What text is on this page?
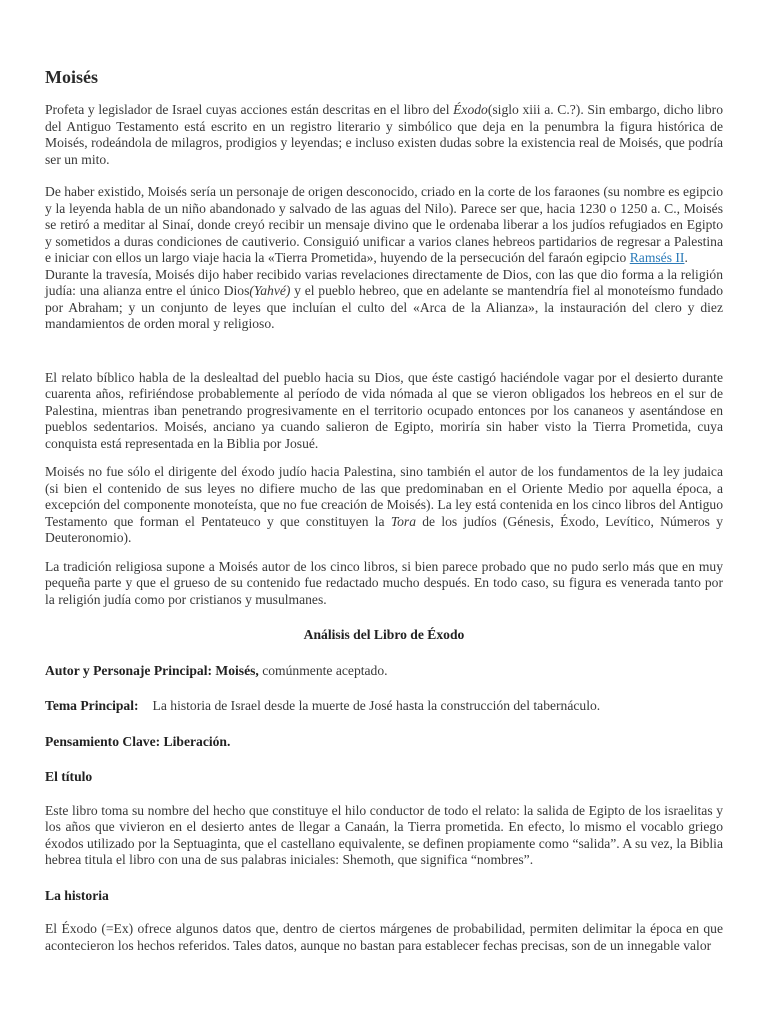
Moisés

Profeta y legislador de Israel cuyas acciones están descritas en el libro del Éxodo(siglo xiii a. C.?). Sin embargo, dicho libro del Antiguo Testamento está escrito en un registro literario y simbólico que deja en la penumbra la figura histórica de Moisés, rodeándola de milagros, prodigios y leyendas; e incluso existen dudas sobre la existencia real de Moisés, que podría ser un mito.

De haber existido, Moisés sería un personaje de origen desconocido, criado en la corte de los faraones (su nombre es egipcio y la leyenda habla de un niño abandonado y salvado de las aguas del Nilo). Parece ser que, hacia 1230 o 1250 a. C., Moisés se retiró a meditar al Sinaí, donde creyó recibir un mensaje divino que le ordenaba liberar a los judíos refugiados en Egipto y sometidos a duras condiciones de cautiverio. Consiguió unificar a varios clanes hebreos partidarios de regresar a Palestina e iniciar con ellos un largo viaje hacia la «Tierra Prometida», huyendo de la persecución del faraón egipcio Ramsés II.

Durante la travesía, Moisés dijo haber recibido varias revelaciones directamente de Dios, con las que dio forma a la religión judía: una alianza entre el único Dios(Yahvé) y el pueblo hebreo, que en adelante se mantendría fiel al monoteísmo fundado por Abraham; y un conjunto de leyes que incluían el culto del «Arca de la Alianza», la instauración del clero y diez mandamientos de orden moral y religioso.

El relato bíblico habla de la deslealtad del pueblo hacia su Dios, que éste castigó haciéndole vagar por el desierto durante cuarenta años, refiriéndose probablemente al período de vida nómada al que se vieron obligados los hebreos en el sur de Palestina, mientras iban penetrando progresivamente en el territorio ocupado entonces por los cananeos y asentándose en pueblos sedentarios. Moisés, anciano ya cuando salieron de Egipto, moriría sin haber visto la Tierra Prometida, cuya conquista está representada en la Biblia por Josué.

Moisés no fue sólo el dirigente del éxodo judío hacia Palestina, sino también el autor de los fundamentos de la ley judaica (si bien el contenido de sus leyes no difiere mucho de las que predominaban en el Oriente Medio por aquella época, a excepción del componente monoteísta, que no fue creación de Moisés). La ley está contenida en los cinco libros del Antiguo Testamento que forman el Pentateuco y que constituyen la Tora de los judíos (Génesis, Éxodo, Levítico, Números y Deuteronomio).

La tradición religiosa supone a Moisés autor de los cinco libros, si bien parece probado que no pudo serlo más que en muy pequeña parte y que el grueso de su contenido fue redactado mucho después. En todo caso, su figura es venerada tanto por la religión judía como por cristianos y musulmanes.

Análisis del Libro de Éxodo

Autor y Personaje Principal: Moisés, comúnmente aceptado.

Tema Principal: La historia de Israel desde la muerte de José hasta la construcción del tabernáculo.

Pensamiento Clave: Liberación.

El título

Este libro toma su nombre del hecho que constituye el hilo conductor de todo el relato: la salida de Egipto de los israelitas y los años que vivieron en el desierto antes de llegar a Canaán, la Tierra prometida. En efecto, lo mismo el vocablo griego éxodos utilizado por la Septuaginta, que el castellano equivalente, se definen propiamente como “salida”. A su vez, la Biblia hebrea titula el libro con una de sus palabras iniciales: Shemoth, que significa “nombres”.

La historia

El Éxodo (=Ex) ofrece algunos datos que, dentro de ciertos márgenes de probabilidad, permiten delimitar la época en que acontecieron los hechos referidos. Tales datos, aunque no bastan para establecer fechas precisas, son de un innegable valor
